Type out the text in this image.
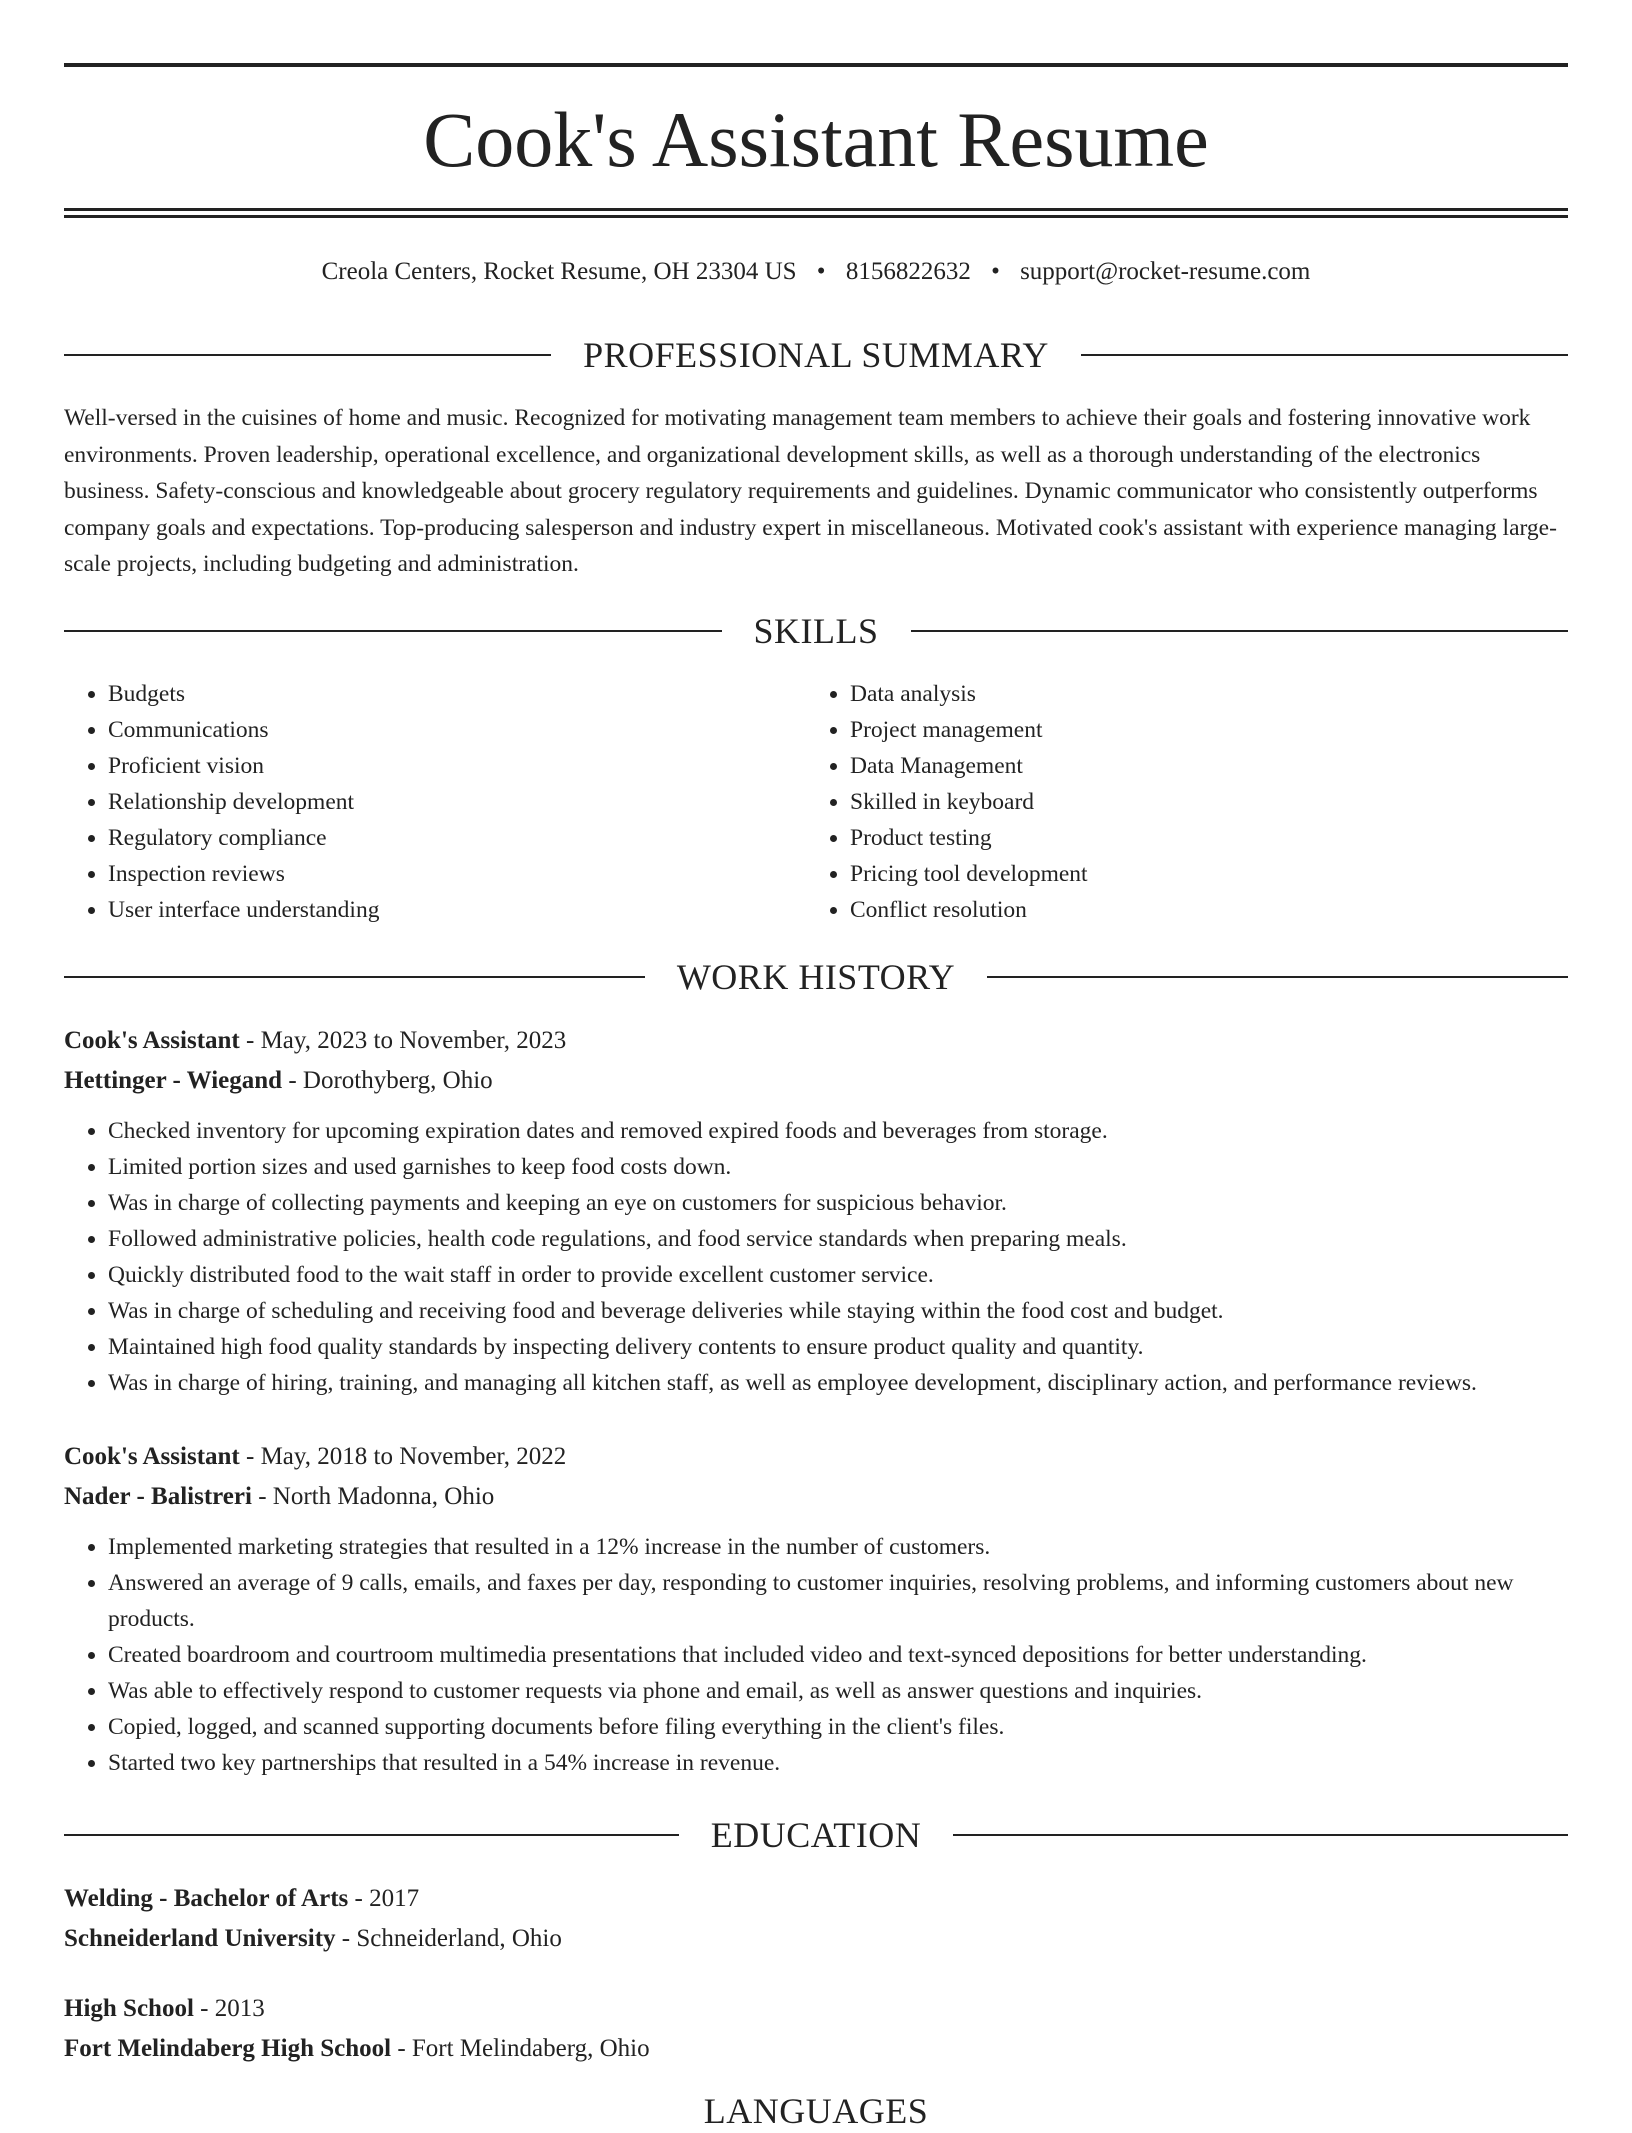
Cook's Assistant Resume
Creola Centers, Rocket Resume, OH 23304 US • 8156822632 • support@rocket-resume.com
PROFESSIONAL SUMMARY

Well-versed in the cuisines of home and music. Recognized for motivating management team members to achieve their goals and fostering innovative work environments. Proven leadership, operational excellence, and organizational development skills, as well as a thorough understanding of the electronics business. Safety-conscious and knowledgeable about grocery regulatory requirements and guidelines. Dynamic communicator who consistently outperforms company goals and expectations. Top-producing salesperson and industry expert in miscellaneous. Motivated cook's assistant with experience managing large-scale projects, including budgeting and administration.

SKILLS
• Budgets
• Communications
• Proficient vision
• Relationship development
• Regulatory compliance
• Inspection reviews
• User interface understanding
• Data analysis
• Project management
• Data Management
• Skilled in keyboard
• Product testing
• Pricing tool development
• Conflict resolution
WORK HISTORY
Cook's Assistant - May, 2023 to November, 2023
Hettinger - Wiegand - Dorothyberg, Ohio
• Checked inventory for upcoming expiration dates and removed expired foods and beverages from storage.
• Limited portion sizes and used garnishes to keep food costs down.
• Was in charge of collecting payments and keeping an eye on customers for suspicious behavior.
• Followed administrative policies, health code regulations, and food service standards when preparing meals.
• Quickly distributed food to the wait staff in order to provide excellent customer service.
• Was in charge of scheduling and receiving food and beverage deliveries while staying within the food cost and budget.
• Maintained high food quality standards by inspecting delivery contents to ensure product quality and quantity.
• Was in charge of hiring, training, and managing all kitchen staff, as well as employee development, disciplinary action, and performance reviews.
Cook's Assistant - May, 2018 to November, 2022
Nader - Balistreri - North Madonna, Ohio
• Implemented marketing strategies that resulted in a 12% increase in the number of customers.
• Answered an average of 9 calls, emails, and faxes per day, responding to customer inquiries, resolving problems, and informing customers about new products.
• Created boardroom and courtroom multimedia presentations that included video and text-synced depositions for better understanding.
• Was able to effectively respond to customer requests via phone and email, as well as answer questions and inquiries.
• Copied, logged, and scanned supporting documents before filing everything in the client's files.
• Started two key partnerships that resulted in a 54% increase in revenue.
EDUCATION
Welding - Bachelor of Arts - 2017
Schneiderland University - Schneiderland, Ohio
High School - 2013
Fort Melindaberg High School - Fort Melindaberg, Ohio
LANGUAGES
